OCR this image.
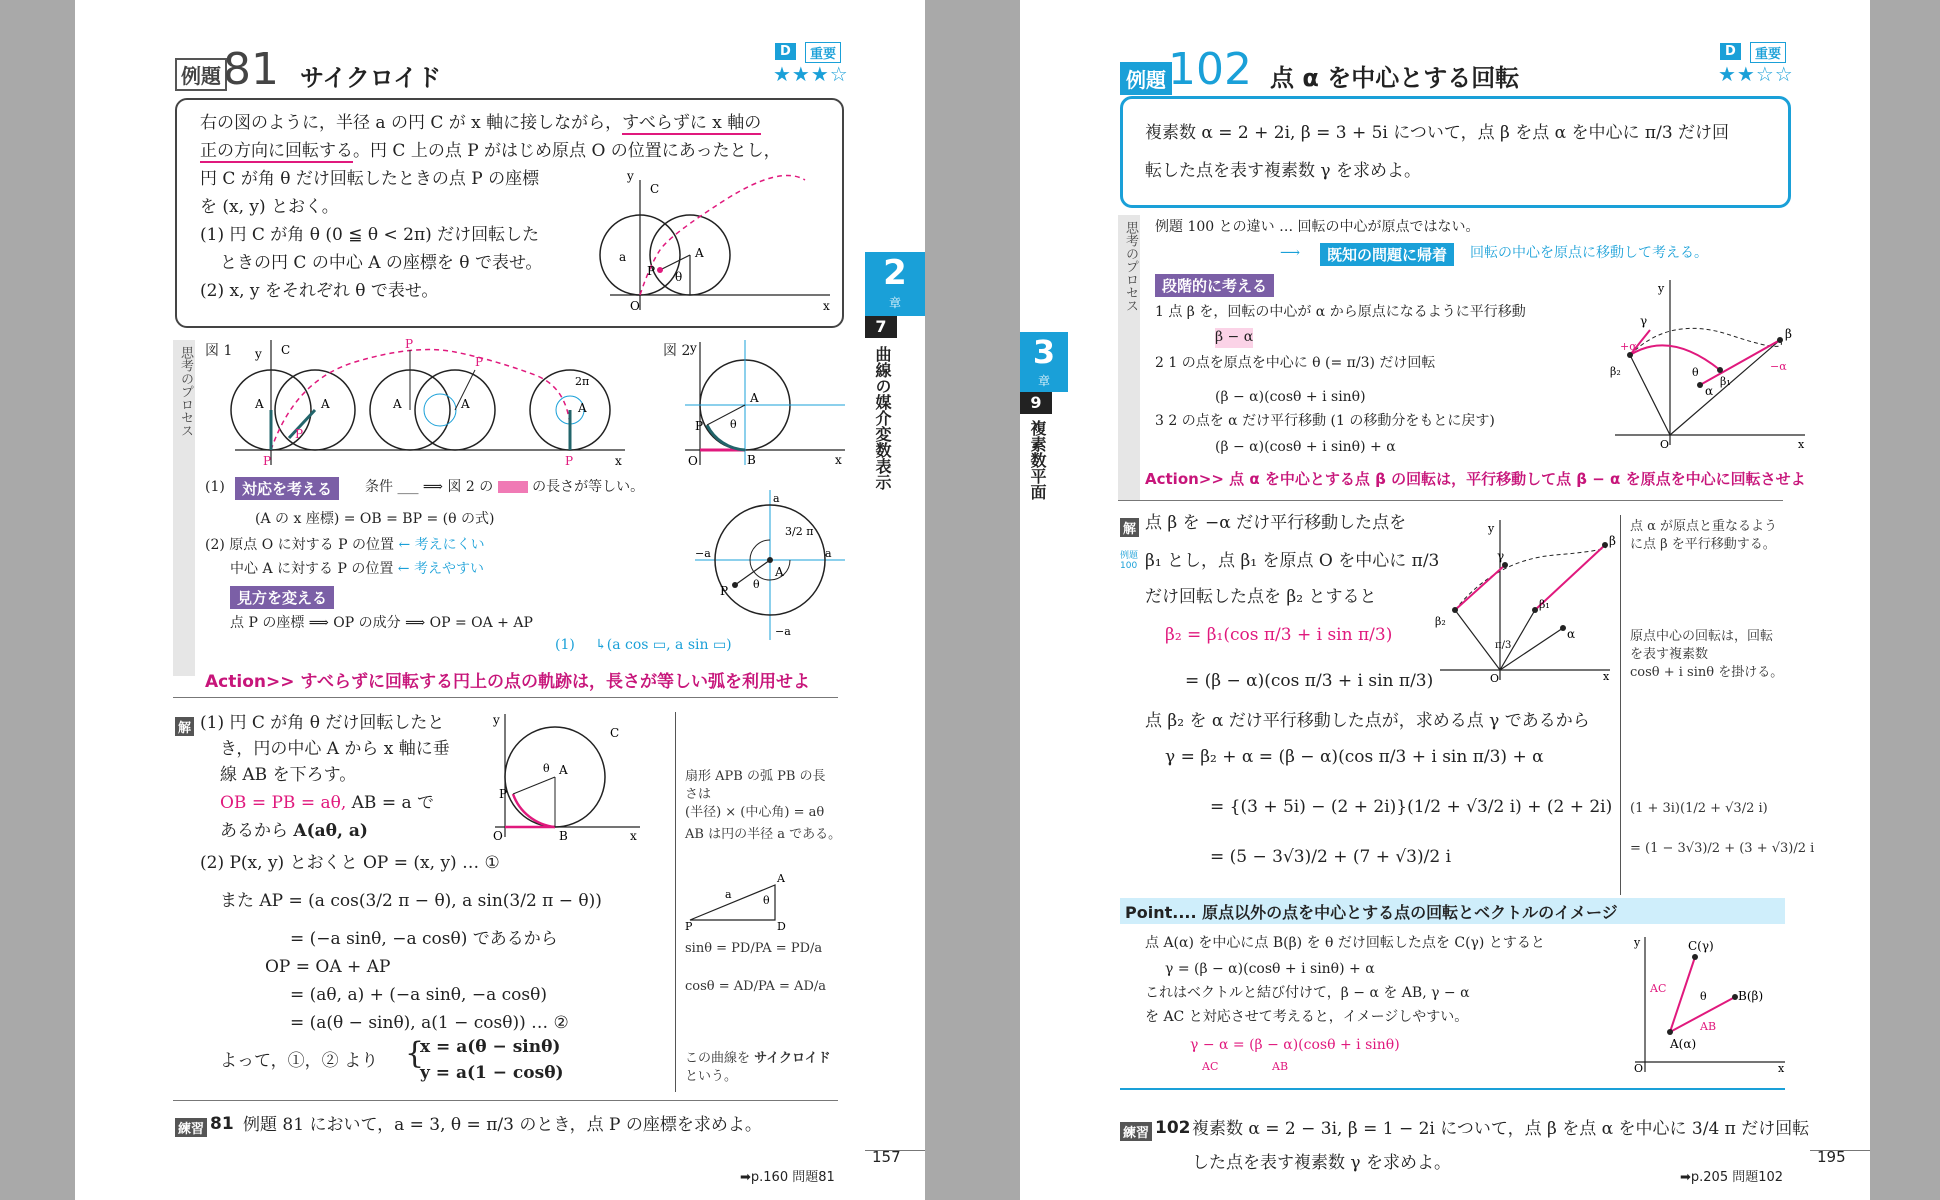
例題 81 サイクロイド
D	重要
★★★☆
右の図のように，半径 a の円 C が x 軸に接しながら，すべらずに x 軸の
正の方向に回転する。円 C 上の点 P がはじめ原点 O の位置にあったとし，
円 C が角 θ だけ回転したときの点 P の座標
を (x, y) とおく。
(1) 円 C が角 θ (0 ≦ θ < 2π) だけ回転した
ときの円 C の中心 A の座標を θ で表せ。
(2) x, y をそれぞれ θ で表せ。
y
x
O
C
A
P
a
θ
思考のプロセス 図 1	図 2
y
x
C
A	A	A	A	A
P
P
P
P
P
2π
y
x
O
A
P
B
θ
(1)	対応を考える	条件 ___ ⟹ 図 2 の	の長さが等しい。
(A の x 座標) = OB = BP = (θ の式)
(2) 原点 O に対する P の位置 ← 考えにくい
中心 A に対する P の位置 ← 考えやすい
見方を変える
点 P の座標 ⟹ OP の成分 ⟹ OP = OA + AP
(1) ↳(a cos ▭, a sin ▭)
a
a
−a
−a
3/2 π
A
P θ
Action>> すべらずに回転する円上の点の軌跡は，長さが等しい弧を利用せよ
解 (1) 円 C が角 θ だけ回転したと
き，円の中心 A から x 軸に垂
線 AB を下ろす。
OB = PB = aθ, AB = a で
あるから A(aθ, a)
(2) P(x, y) とおくと OP = (x, y) … ①
また AP = (a cos(3/2 π − θ), a sin(3/2 π − θ))
= (−a sinθ, −a cosθ) であるから
OP = OA + AP
= (aθ, a) + (−a sinθ, −a cosθ)
= (a(θ − sinθ), a(1 − cosθ)) … ②
よって，①，② より {
x = a(θ − sinθ)
y = a(1 − cosθ)
y
x
O
C
A
P
B
θ
扇形 APB の弧 PB の長
さは
(半径) × (中心角) = aθ
AB は円の半径 a である。
P
A
D
a	θ
sinθ = PD/PA = PD/a
cosθ = AD/PA = AD/a
この曲線を サイクロイド
という。
練習 81 例題 81 において，a = 3, θ = π/3 のとき，点 P の座標を求めよ。
➡p.160 問題81
2
章
7
曲線の媒介変数表示
157
3
章
9
複素数平面
例題 102 点 α を中心とする回転
D	重要
★★☆☆
複素数 α = 2 + 2i, β = 3 + 5i について，点 β を点 α を中心に π/3 だけ回
転した点を表す複素数 γ を求めよ。
思考のプロセス 例題 100 との違い … 回転の中心が原点ではない。
⟶	既知の問題に帰着	回転の中心を原点に移動して考える。
段階的に考える
1 点 β を，回転の中心が α から原点になるように平行移動
β − α
2 1 の点を原点を中心に θ (= π/3) だけ回転
(β − α)(cosθ + i sinθ)
3 2 の点を α だけ平行移動 (1 の移動分をもとに戻す)
(β − α)(cosθ + i sinθ) + α
y
x
O
β
α
β₁
β₂
γ
−α
+α
θ
Action>> 点 α を中心とする点 β の回転は，平行移動して点 β − α を原点を中心に回転させよ
解
例題 100
点 β を −α だけ平行移動した点を
β₁ とし，点 β₁ を原点 O を中心に π/3
だけ回転した点を β₂ とすると
β₂ = β₁(cos π/3 + i sin π/3)
= (β − α)(cos π/3 + i sin π/3)
点 β₂ を α だけ平行移動した点が，求める点 γ であるから
γ = β₂ + α = (β − α)(cos π/3 + i sin π/3) + α
= {(3 + 5i) − (2 + 2i)}(1/2 + √3/2 i) + (2 + 2i)
= (5 − 3√3)/2 + (7 + √3)/2 i
y
x
O
β
α
β₁
β₂
γ
π/3
点 α が原点と重なるよう
に点 β を平行移動する。
原点中心の回転は，回転
を表す複素数
cosθ + i sinθ を掛ける。
(1 + 3i)(1/2 + √3/2 i)
= (1 − 3√3)/2 + (3 + √3)/2 i
Point.... 原点以外の点を中心とする点の回転とベクトルのイメージ
点 A(α) を中心に点 B(β) を θ だけ回転した点を C(γ) とすると
γ = (β − α)(cosθ + i sinθ) + α
これはベクトルと結び付けて，β − α を AB, γ − α
を AC と対応させて考えると，イメージしやすい。
γ − α = (β − α)(cosθ + i sinθ)
AC	AB
y
x
O
A(α)
B(β)
C(γ)
AC
AB
θ
練習 102 複素数 α = 2 − 3i, β = 1 − 2i について，点 β を点 α を中心に 3/4 π だけ回転
した点を表す複素数 γ を求めよ。
➡p.205 問題102
195
